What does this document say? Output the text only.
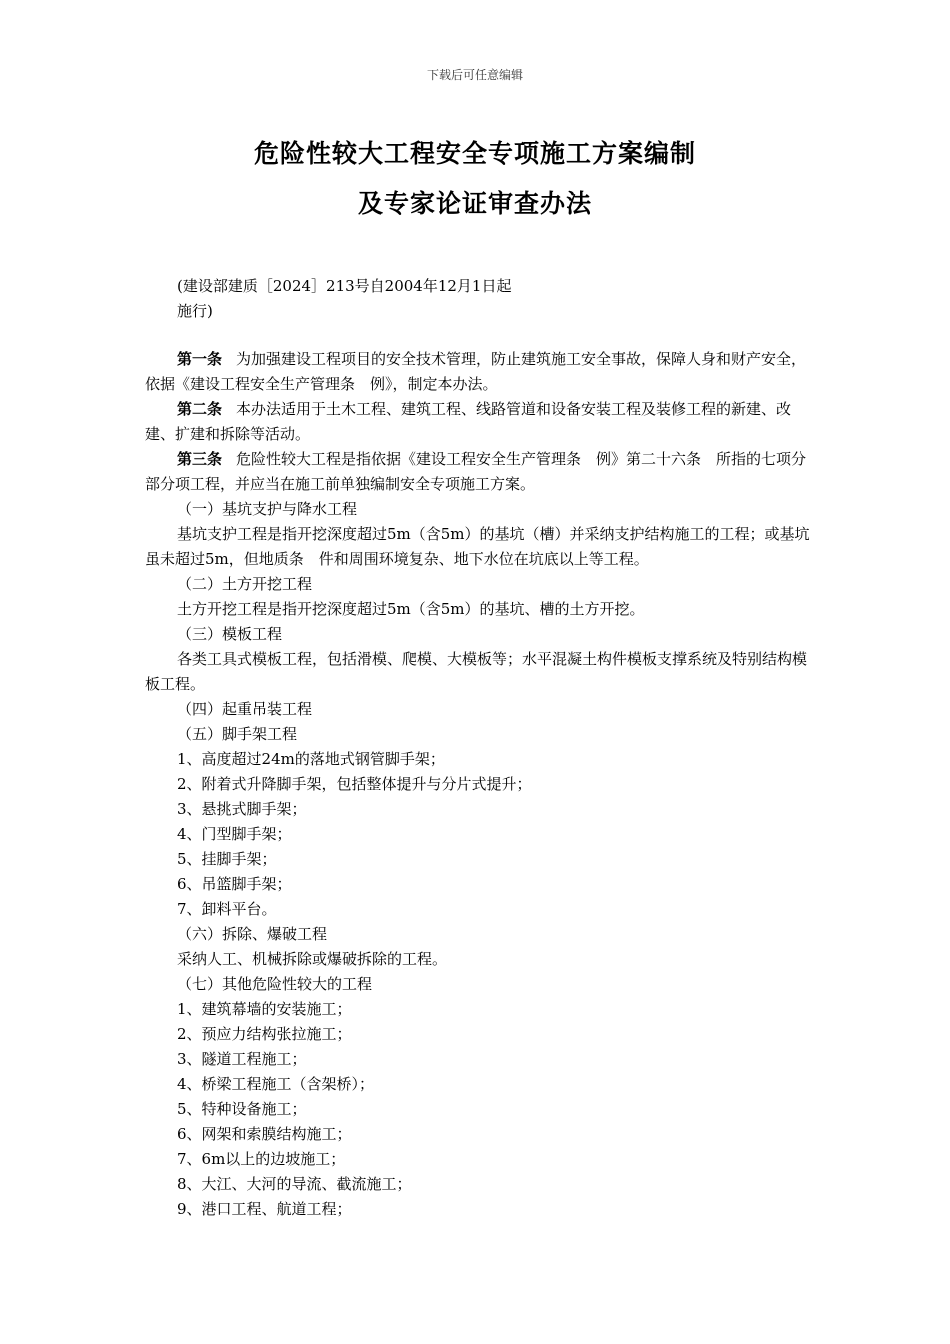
下载后可任意编辑
危险性较大工程安全专项施工方案编制
及专家论证审查办法
(建设部建质［2024］213号自2004年12月1日起
施行)

第一条 为加强建设工程项目的安全技术管理，防止建筑施工安全事故，保障人身和财产安全，依据《建设工程安全生产管理条　例》，制定本办法。

第二条 本办法适用于土木工程、建筑工程、线路管道和设备安装工程及装修工程的新建、改建、扩建和拆除等活动。

第三条 危险性较大工程是指依据《建设工程安全生产管理条　例》第二十六条　所指的七项分部分项工程，并应当在施工前单独编制安全专项施工方案。

（一）基坑支护与降水工程

基坑支护工程是指开挖深度超过5m（含5m）的基坑（槽）并采纳支护结构施工的工程；或基坑虽未超过5m，但地质条　件和周围环境复杂、地下水位在坑底以上等工程。

（二）土方开挖工程

土方开挖工程是指开挖深度超过5m（含5m）的基坑、槽的土方开挖。

（三）模板工程

各类工具式模板工程，包括滑模、爬模、大模板等；水平混凝土构件模板支撑系统及特别结构模板工程。

（四）起重吊装工程

（五）脚手架工程

1、高度超过24m的落地式钢管脚手架；

2、附着式升降脚手架，包括整体提升与分片式提升；

3、悬挑式脚手架；

4、门型脚手架；

5、挂脚手架；

6、吊篮脚手架；

7、卸料平台。

（六）拆除、爆破工程

采纳人工、机械拆除或爆破拆除的工程。

（七）其他危险性较大的工程

1、建筑幕墙的安装施工；

2、预应力结构张拉施工；

3、隧道工程施工；

4、桥梁工程施工（含架桥）；

5、特种设备施工；

6、网架和索膜结构施工；

7、6m以上的边坡施工；

8、大江、大河的导流、截流施工；

9、港口工程、航道工程；
